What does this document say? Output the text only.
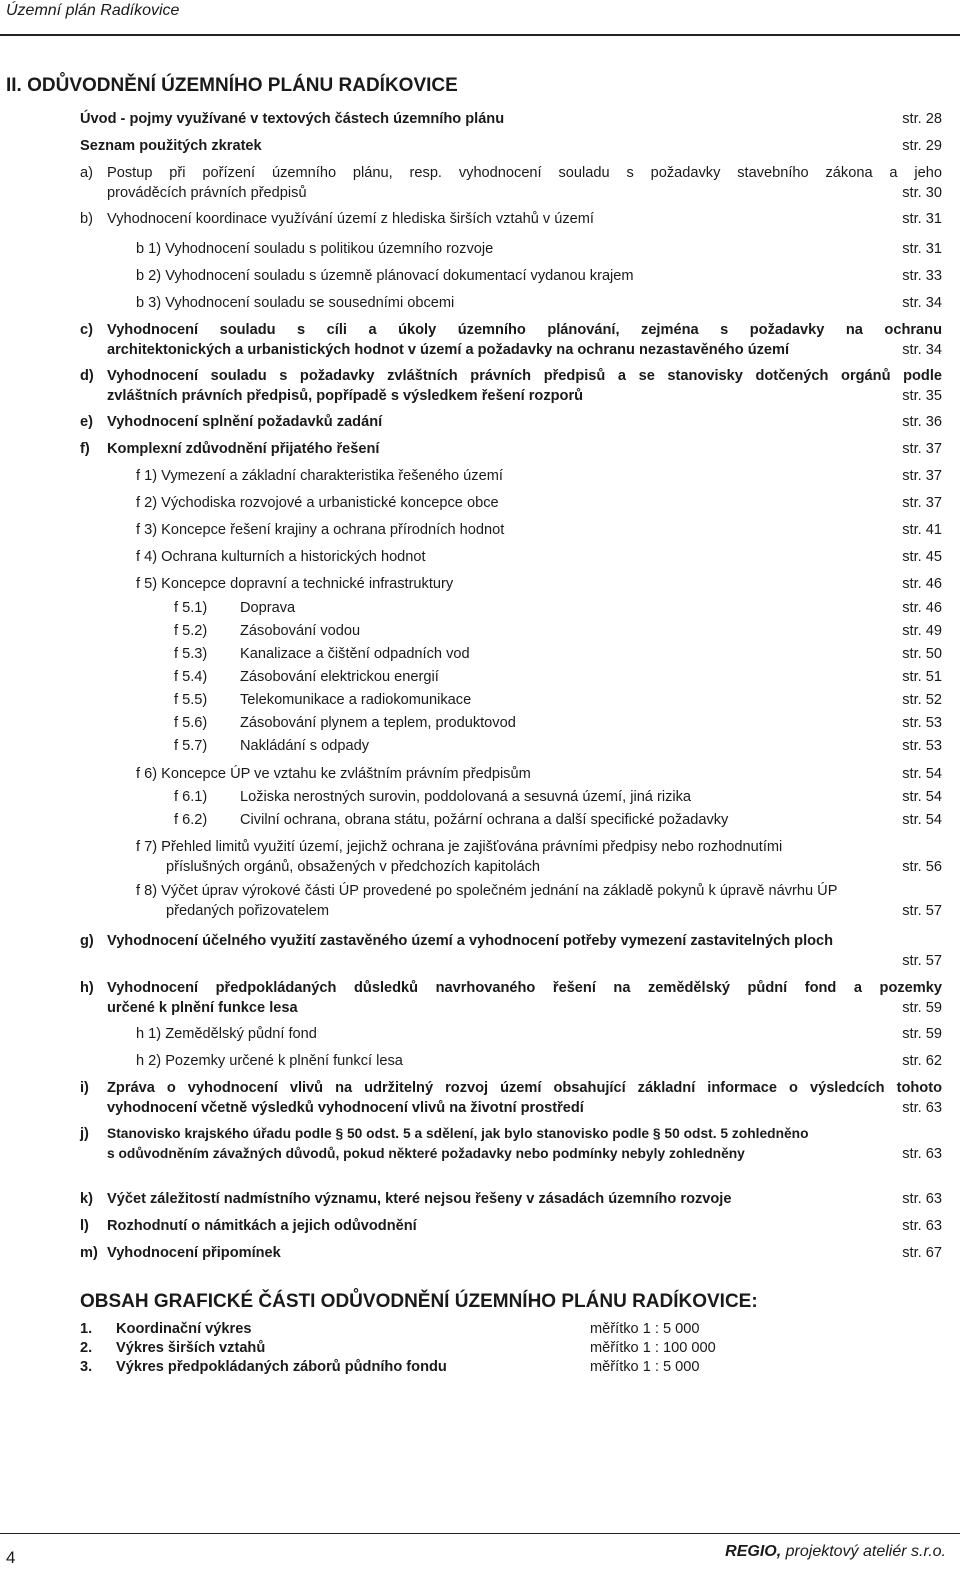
Územní plán Radíkovice
II. ODŮVODNĚNÍ ÚZEMNÍHO PLÁNU RADÍKOVICE
Úvod - pojmy využívané v textových částech územního plánu	str. 28
Seznam použitých zkratek	str. 29
a) Postup při pořízení územního plánu, resp. vyhodnocení souladu s požadavky stavebního zákona a jeho
prováděcích právních předpisů	str. 30
b) Vyhodnocení koordinace využívání území z hlediska širších vztahů v území	str. 31
b 1) Vyhodnocení souladu s politikou územního rozvoje	str. 31
b 2) Vyhodnocení souladu s územně plánovací dokumentací vydanou krajem	str. 33
b 3) Vyhodnocení souladu se sousedními obcemi	str. 34
c) Vyhodnocení souladu s cíli a úkoly územního plánování, zejména s požadavky na ochranu
architektonických a urbanistických hodnot v území a požadavky na ochranu nezastavěného území	str. 34
d) Vyhodnocení souladu s požadavky zvláštních právních předpisů a se stanovisky dotčených orgánů podle
zvláštních právních předpisů, popřípadě s výsledkem řešení rozporů	str. 35
e) Vyhodnocení splnění požadavků zadání	str. 36
f) Komplexní zdůvodnění přijatého řešení	str. 37
f 1) Vymezení a základní charakteristika řešeného území	str. 37
f 2) Východiska rozvojové a urbanistické koncepce obce	str. 37
f 3) Koncepce řešení krajiny a ochrana přírodních hodnot	str. 41
f 4) Ochrana kulturních a historických hodnot	str. 45
f 5) Koncepce dopravní a technické infrastruktury	str. 46
f 5.1) Doprava	str. 46
f 5.2) Zásobování vodou	str. 49
f 5.3) Kanalizace a čištění odpadních vod	str. 50
f 5.4) Zásobování elektrickou energií	str. 51
f 5.5) Telekomunikace a radiokomunikace	str. 52
f 5.6) Zásobování plynem a teplem, produktovod	str. 53
f 5.7) Nakládání s odpady	str. 53
f 6) Koncepce ÚP ve vztahu ke zvláštním právním předpisům	str. 54
f 6.1) Ložiska nerostných surovin, poddolovaná a sesuvná území, jiná rizika	str. 54
f 6.2) Civilní ochrana, obrana státu, požární ochrana a další specifické požadavky	str. 54
f 7) Přehled limitů využití území, jejichž ochrana je zajišťována právními předpisy nebo rozhodnutími
příslušných orgánů, obsažených v předchozích kapitolách	str. 56
f 8) Výčet úprav výrokové části ÚP provedené po společném jednání na základě pokynů k úpravě návrhu ÚP
předaných pořizovatelem	str. 57
g) Vyhodnocení účelného využití zastavěného území a vyhodnocení potřeby vymezení zastavitelných ploch
str. 57
h) Vyhodnocení předpokládaných důsledků navrhovaného řešení na zemědělský půdní fond a pozemky
určené k plnění funkce lesa	str. 59
h 1) Zemědělský půdní fond	str. 59
h 2) Pozemky určené k plnění funkcí lesa	str. 62
i) Zpráva o vyhodnocení vlivů na udržitelný rozvoj území obsahující základní informace o výsledcích tohoto
vyhodnocení včetně výsledků vyhodnocení vlivů na životní prostředí	str. 63
j) Stanovisko krajského úřadu podle § 50 odst. 5 a sdělení, jak bylo stanovisko podle § 50 odst. 5 zohledněno
s odůvodněním závažných důvodů, pokud některé požadavky nebo podmínky nebyly zohledněny	str. 63
k) Výčet záležitostí nadmístního významu, které nejsou řešeny v zásadách územního rozvoje	str. 63
l) Rozhodnutí o námitkách a jejich odůvodnění	str. 63
m) Vyhodnocení připomínek	str. 67
OBSAH GRAFICKÉ ČÁSTI ODŮVODNĚNÍ ÚZEMNÍHO PLÁNU RADÍKOVICE:
1. Koordinační výkres	měřítko 1 : 5 000
2. Výkres širších vztahů	měřítko 1 : 100 000
3. Výkres předpokládaných záborů půdního fondu	měřítko 1 : 5 000
4	REGIO, projektový ateliér s.r.o.
